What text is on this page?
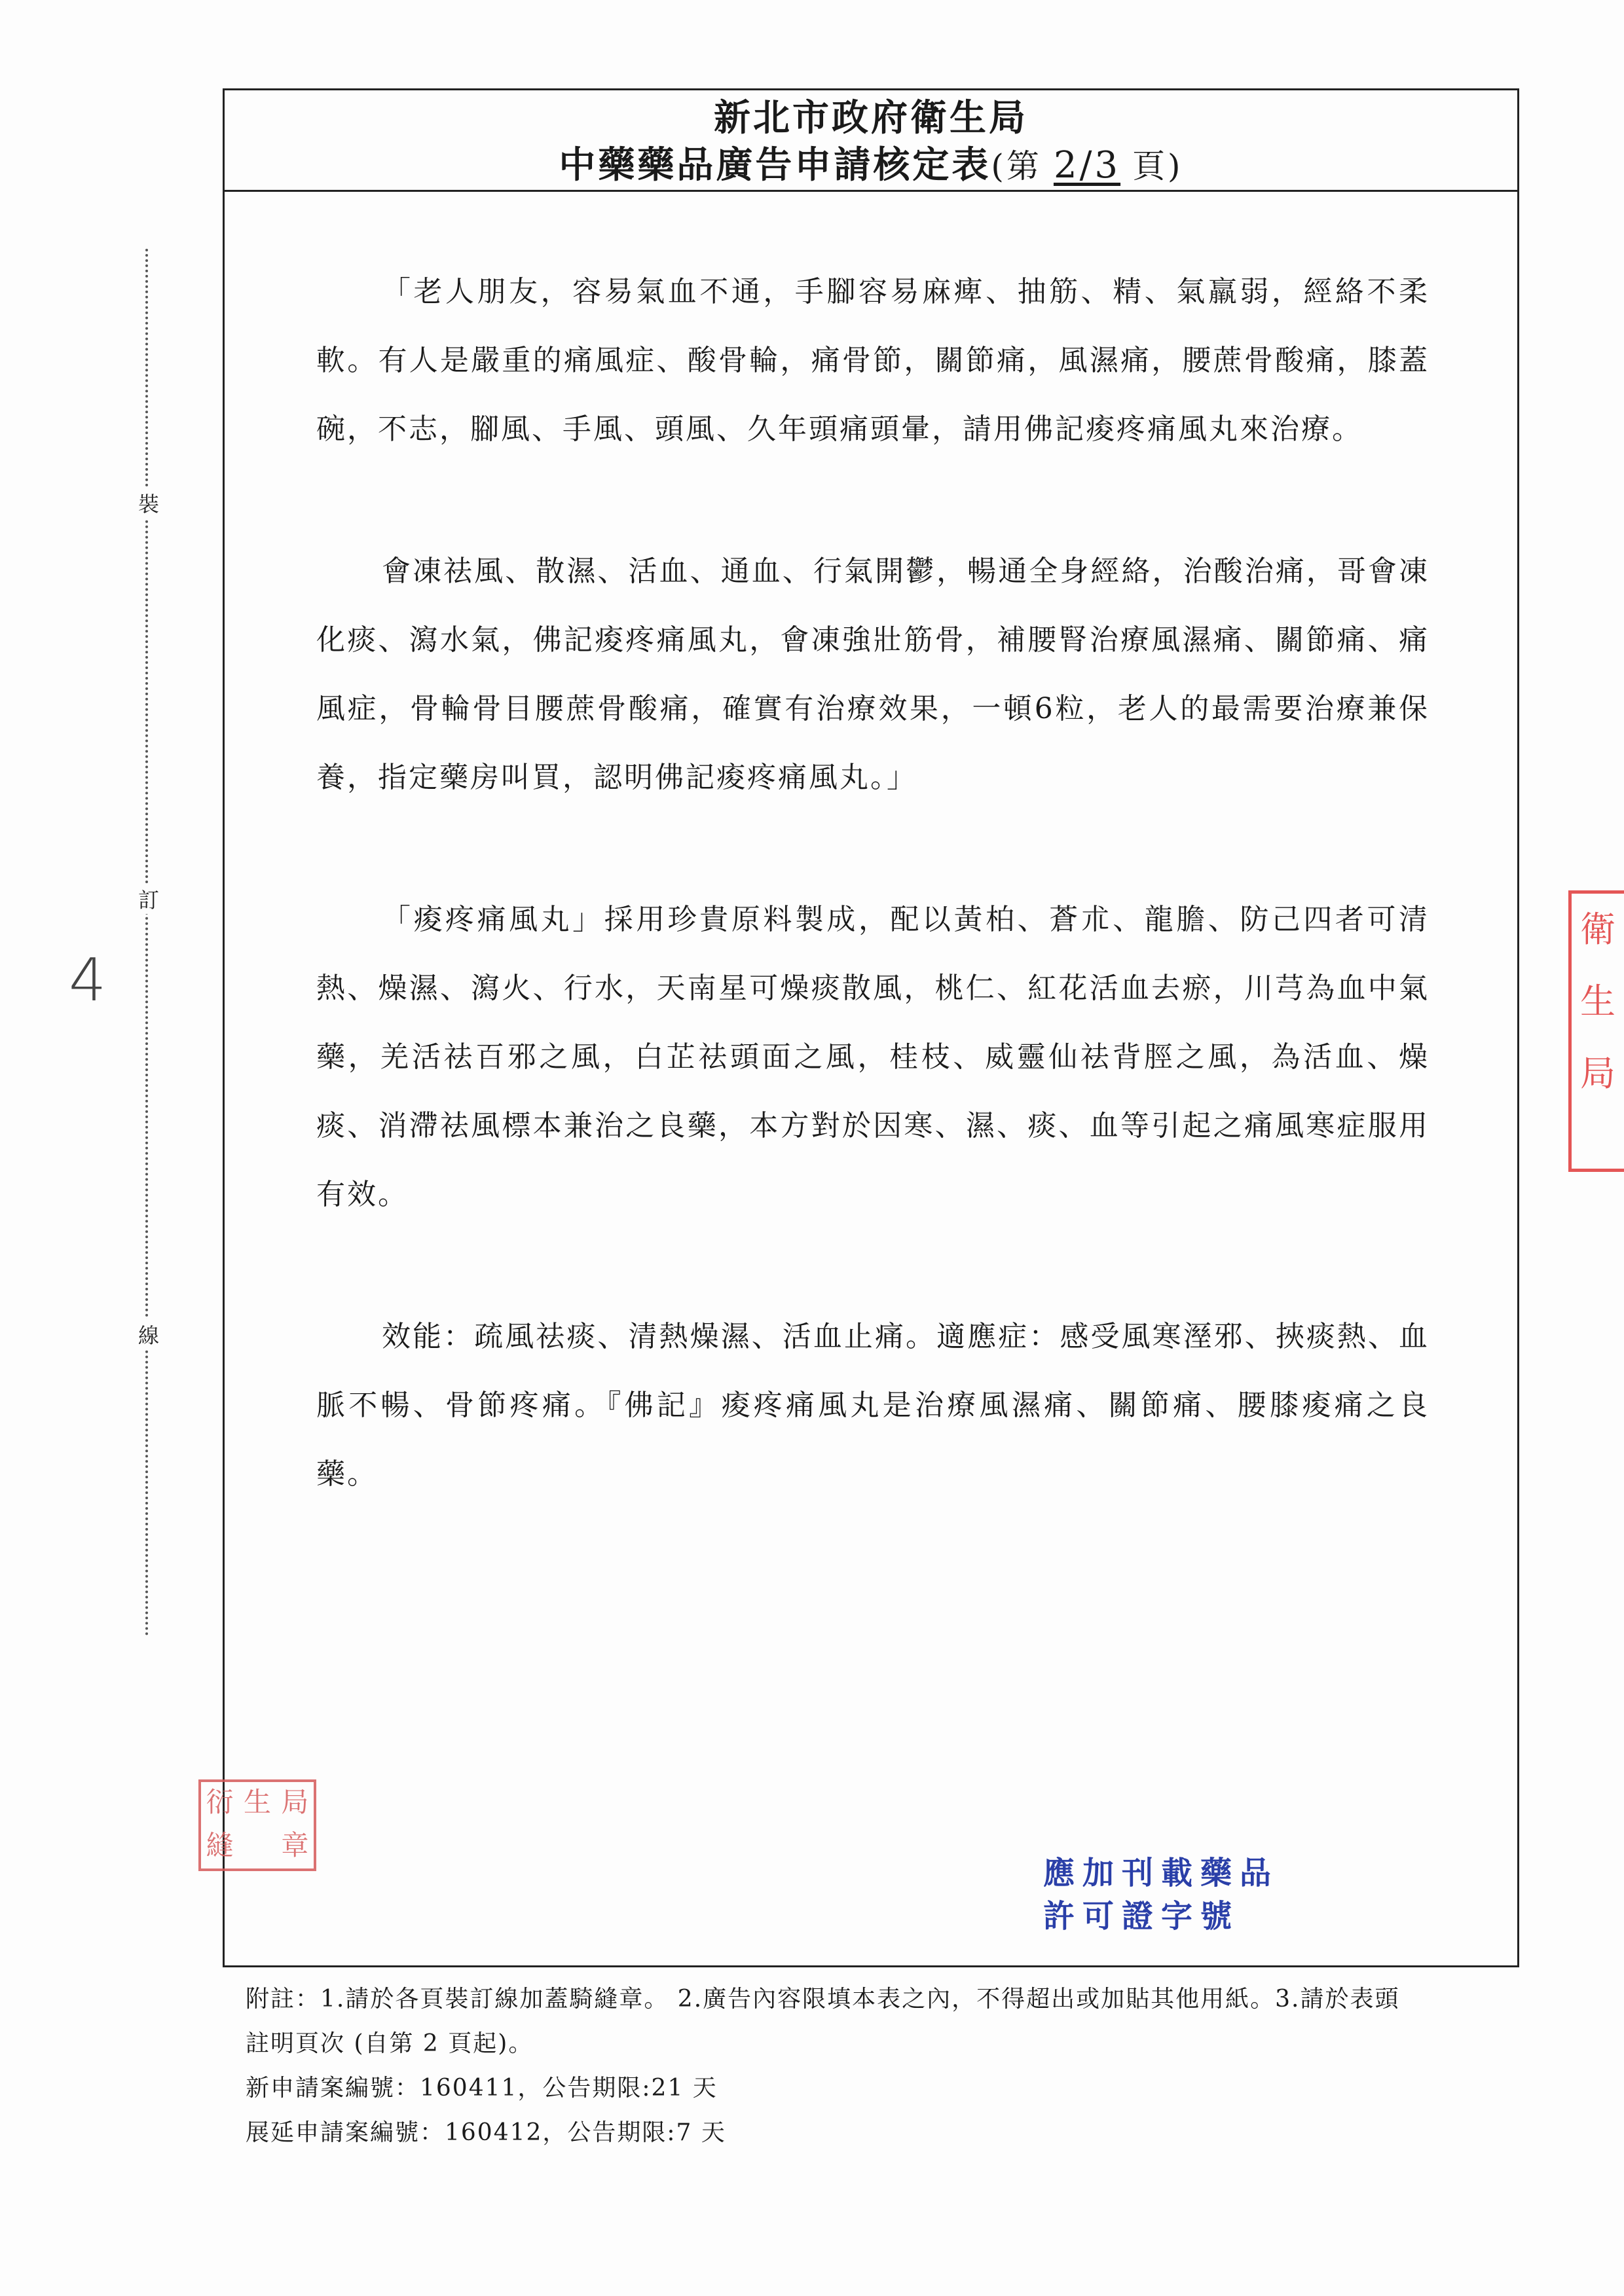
裝
訂
線
4
衛生局
新北市政府衛生局
中藥藥品廣告申請核定表(第 2/3 頁)

「老人朋友，容易氣血不通，手腳容易麻痺、抽筋、精、氣羸弱，經絡不柔軟。有人是嚴重的痛風症、酸骨輪，痛骨節，關節痛，風濕痛，腰蔗骨酸痛，膝蓋碗，不志，腳風、手風、頭風、久年頭痛頭暈，請用佛記痠疼痛風丸來治療。

會凍祛風、散濕、活血、通血、行氣開鬱，暢通全身經絡，治酸治痛，哥會凍化痰、瀉水氣，佛記痠疼痛風丸，會凍強壯筋骨，補腰腎治療風濕痛、關節痛、痛風症，骨輪骨目腰蔗骨酸痛，確實有治療效果，一頓6粒，老人的最需要治療兼保養，指定藥房叫買，認明佛記痠疼痛風丸。」

「痠疼痛風丸」採用珍貴原料製成，配以黃柏、蒼朮、龍膽、防己四者可清熱、燥濕、瀉火、行水，天南星可燥痰散風，桃仁、紅花活血去瘀，川芎為血中氣藥，羌活祛百邪之風，白芷祛頭面之風，桂枝、威靈仙祛背脛之風，為活血、燥痰、消滯祛風標本兼治之良藥，本方對於因寒、濕、痰、血等引起之痛風寒症服用有效。

效能：疏風祛痰、清熱燥濕、活血止痛。適應症：感受風寒溼邪、挾痰熱、血脈不暢、骨節疼痛。『佛記』痠疼痛風丸是治療風濕痛、關節痛、腰膝痠痛之良藥。

衍 生 局
縫 章
應加刊載藥品
許可證字號

附註：1.請於各頁裝訂線加蓋騎縫章。 2.廣告內容限填本表之內，不得超出或加貼其他用紙。3.請於表頭

註明頁次 (自第 2 頁起)。

新申請案編號：160411，公告期限:21 天

展延申請案編號：160412，公告期限:7 天
